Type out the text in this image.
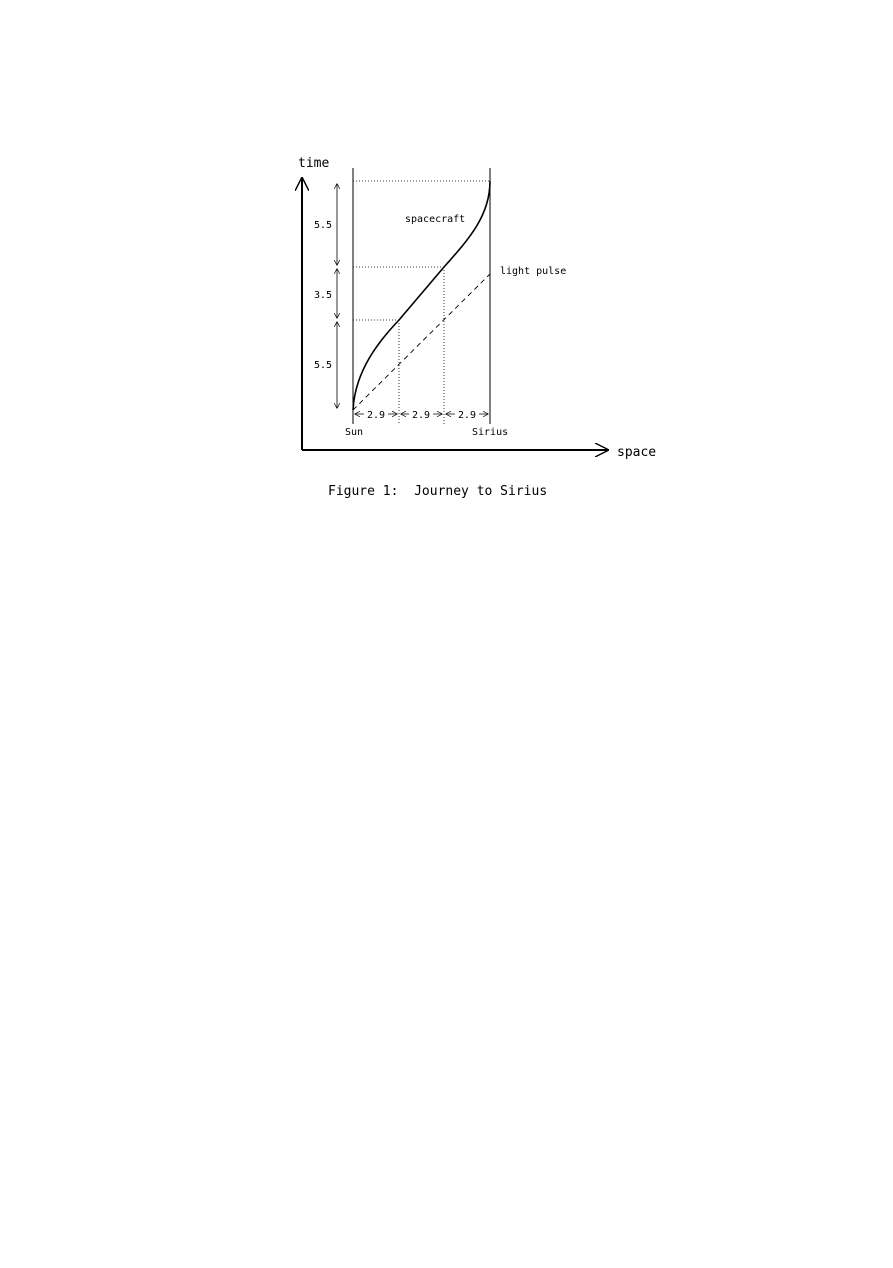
time
space
Sun	Sirius
spacecraft
light pulse
5.5
3.5
5.5
2.9	2.9	2.9
Figure 1:  Journey to Sirius
